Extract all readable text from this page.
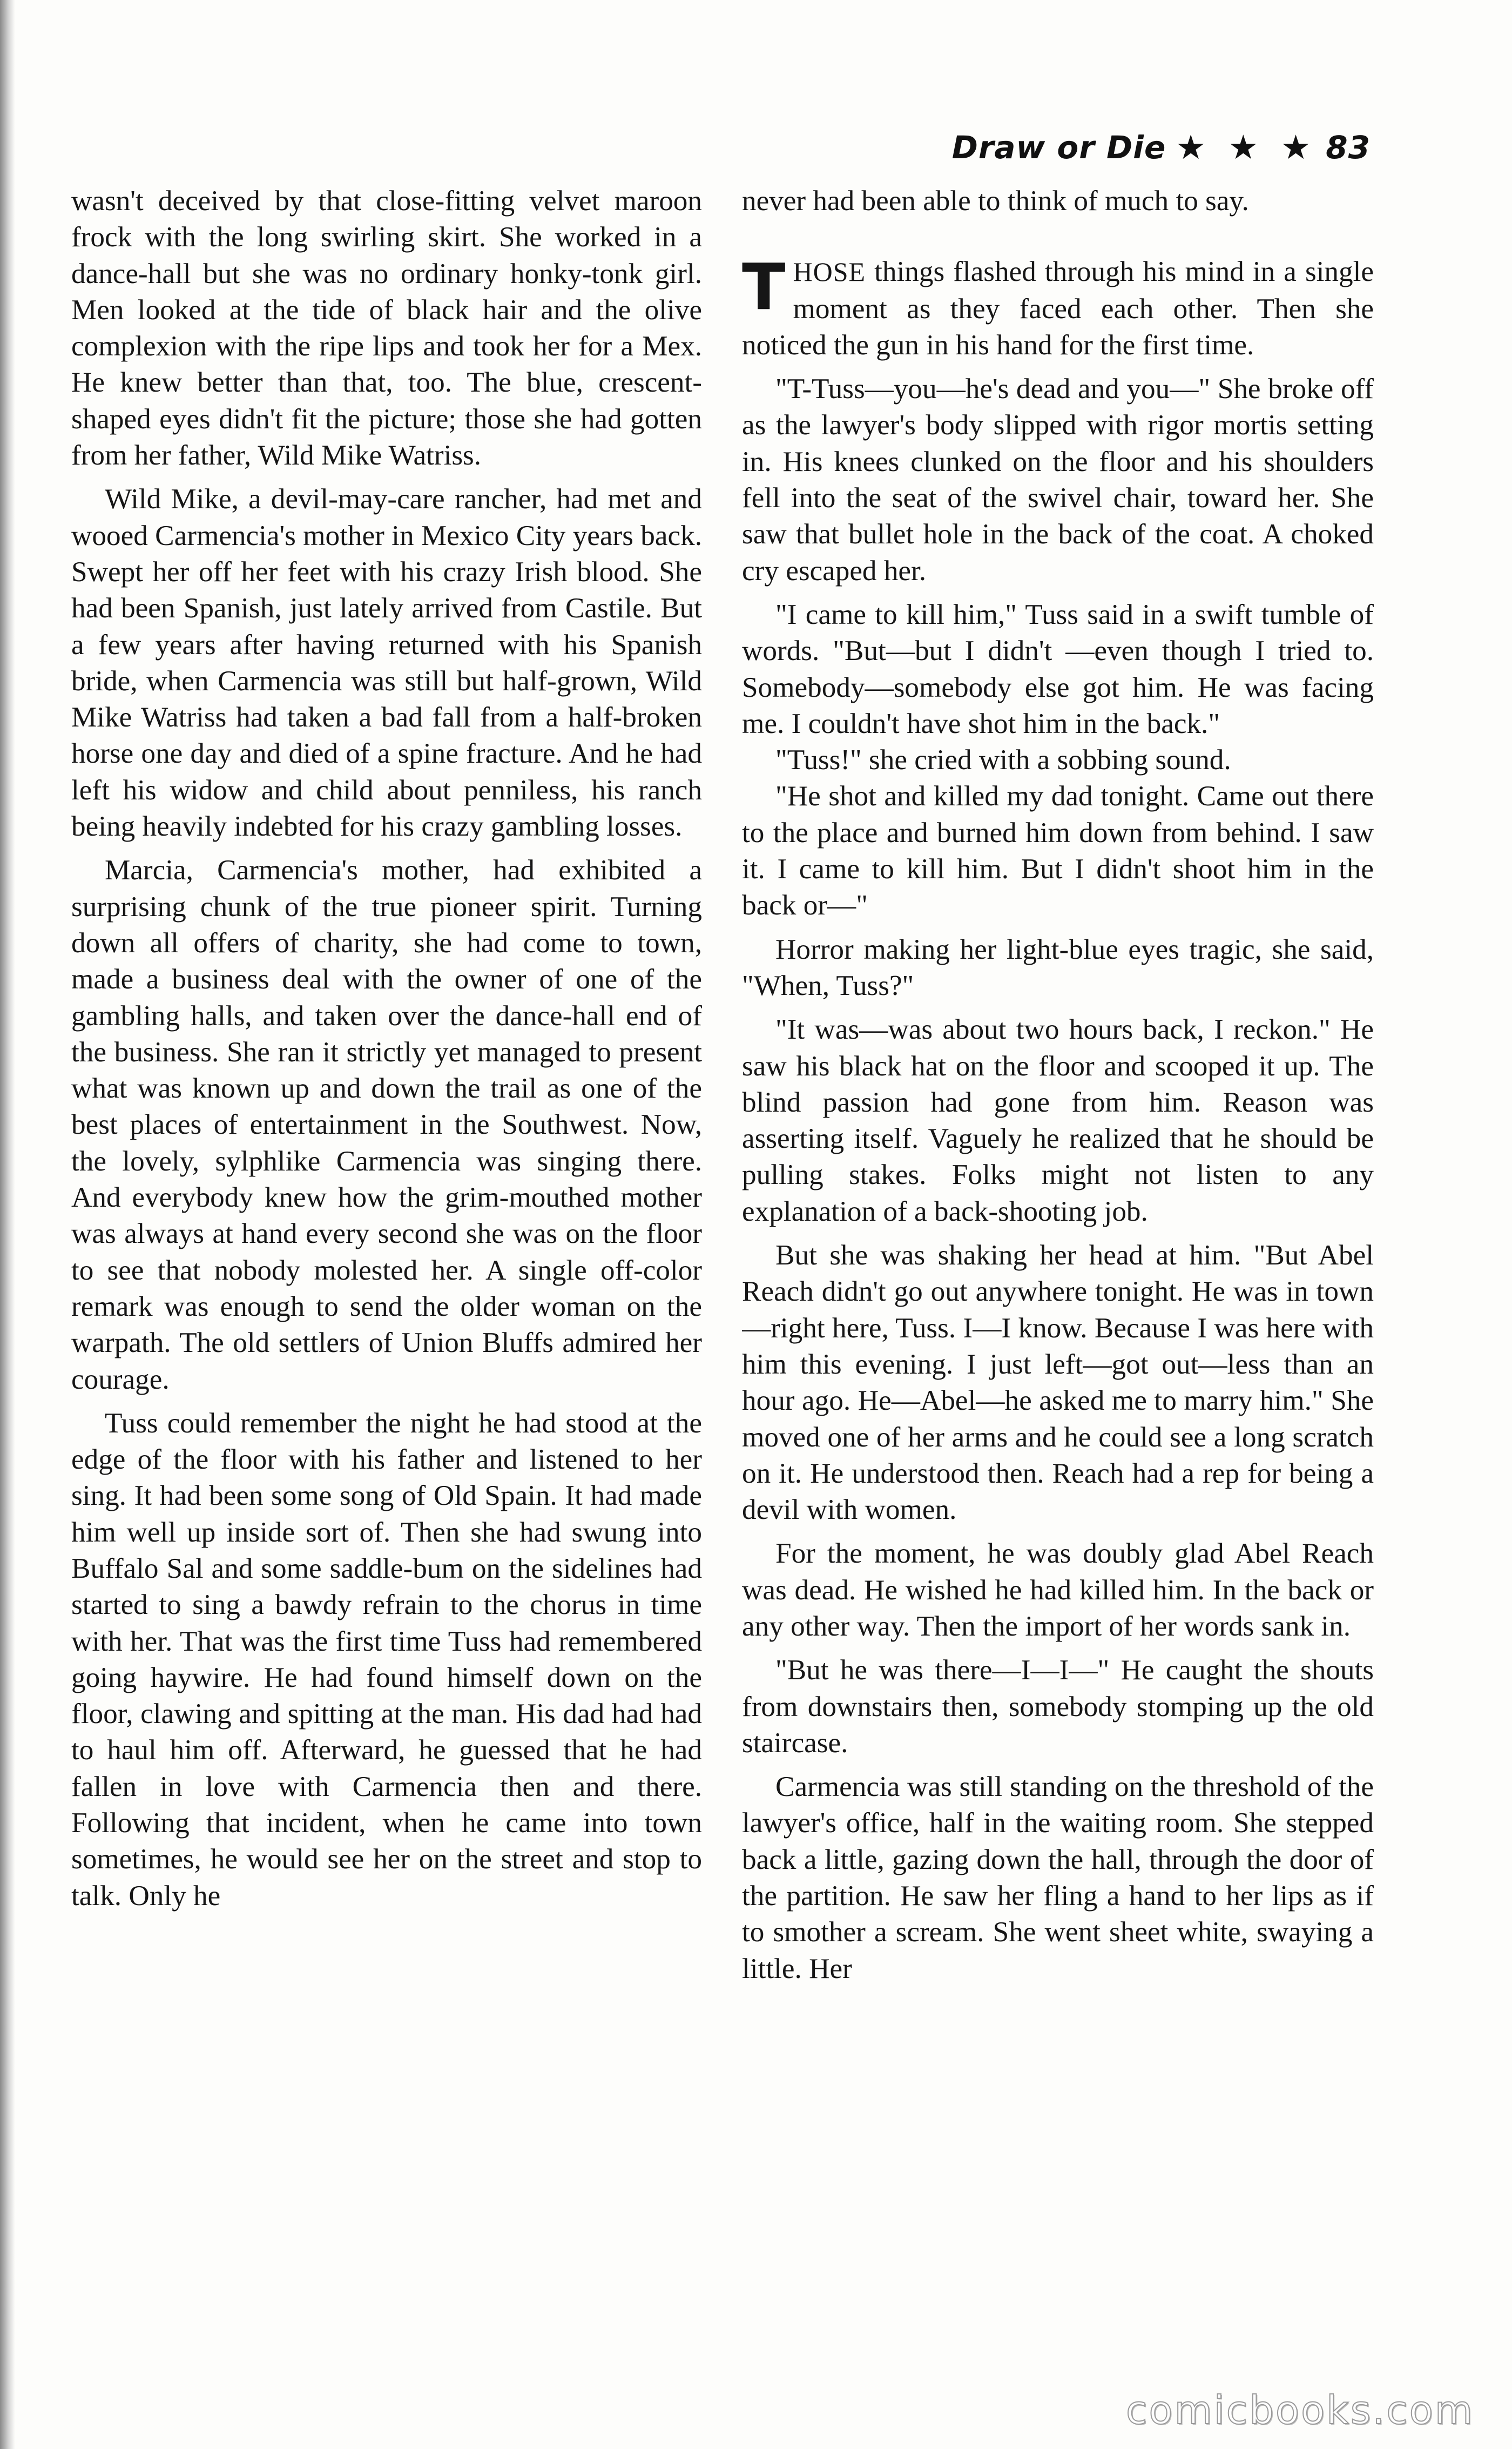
Draw or Die ★ ★ ★ 83

wasn't deceived by that close-fitting velvet maroon frock with the long swirling skirt. She worked in a dance-hall but she was no ordinary honky-tonk girl. Men looked at the tide of black hair and the olive complexion with the ripe lips and took her for a Mex. He knew better than that, too. The blue, crescent-shaped eyes didn't fit the picture; those she had gotten from her father, Wild Mike Watriss.

Wild Mike, a devil-may-care rancher, had met and wooed Carmencia's mother in Mexico City years back. Swept her off her feet with his crazy Irish blood. She had been Spanish, just lately arrived from Castile. But a few years after having returned with his Spanish bride, when Carmencia was still but half-grown, Wild Mike Watriss had taken a bad fall from a half-broken horse one day and died of a spine fracture. And he had left his widow and child about penniless, his ranch being heavily indebted for his crazy gambling losses.

Marcia, Carmencia's mother, had exhibited a surprising chunk of the true pioneer spirit. Turning down all offers of charity, she had come to town, made a business deal with the owner of one of the gambling halls, and taken over the dance-hall end of the business. She ran it strictly yet managed to present what was known up and down the trail as one of the best places of entertainment in the Southwest. Now, the lovely, sylphlike Carmencia was singing there. And everybody knew how the grim-mouthed mother was always at hand every second she was on the floor to see that nobody molested her. A single off-color remark was enough to send the older woman on the warpath. The old settlers of Union Bluffs admired her courage.

Tuss could remember the night he had stood at the edge of the floor with his father and listened to her sing. It had been some song of Old Spain. It had made him well up inside sort of. Then she had swung into Buffalo Sal and some saddle-bum on the sidelines had started to sing a bawdy refrain to the chorus in time with her. That was the first time Tuss had remembered going haywire. He had found himself down on the floor, clawing and spitting at the man. His dad had had to haul him off. Afterward, he guessed that he had fallen in love with Carmencia then and there. Following that incident, when he came into town sometimes, he would see her on the street and stop to talk. Only he

never had been able to think of much to say.

THOSE things flashed through his mind in a single moment as they faced each other. Then she noticed the gun in his hand for the first time.

"T-Tuss—you—he's dead and you—" She broke off as the lawyer's body slipped with rigor mortis setting in. His knees clunked on the floor and his shoulders fell into the seat of the swivel chair, toward her. She saw that bullet hole in the back of the coat. A choked cry escaped her.

"I came to kill him," Tuss said in a swift tumble of words. "But—but I didn't —even though I tried to. Somebody—somebody else got him. He was facing me. I couldn't have shot him in the back."

"Tuss!" she cried with a sobbing sound.

"He shot and killed my dad tonight. Came out there to the place and burned him down from behind. I saw it. I came to kill him. But I didn't shoot him in the back or—"

Horror making her light-blue eyes tragic, she said, "When, Tuss?"

"It was—was about two hours back, I reckon." He saw his black hat on the floor and scooped it up. The blind passion had gone from him. Reason was asserting itself. Vaguely he realized that he should be pulling stakes. Folks might not listen to any explanation of a back-shooting job.

But she was shaking her head at him. "But Abel Reach didn't go out anywhere tonight. He was in town—right here, Tuss. I—I know. Because I was here with him this evening. I just left—got out—less than an hour ago. He—Abel—he asked me to marry him." She moved one of her arms and he could see a long scratch on it. He understood then. Reach had a rep for being a devil with women.

For the moment, he was doubly glad Abel Reach was dead. He wished he had killed him. In the back or any other way. Then the import of her words sank in.

"But he was there—I—I—" He caught the shouts from downstairs then, somebody stomping up the old staircase.

Carmencia was still standing on the threshold of the lawyer's office, half in the waiting room. She stepped back a little, gazing down the hall, through the door of the partition. He saw her fling a hand to her lips as if to smother a scream. She went sheet white, swaying a little. Her

comicbooks.com
